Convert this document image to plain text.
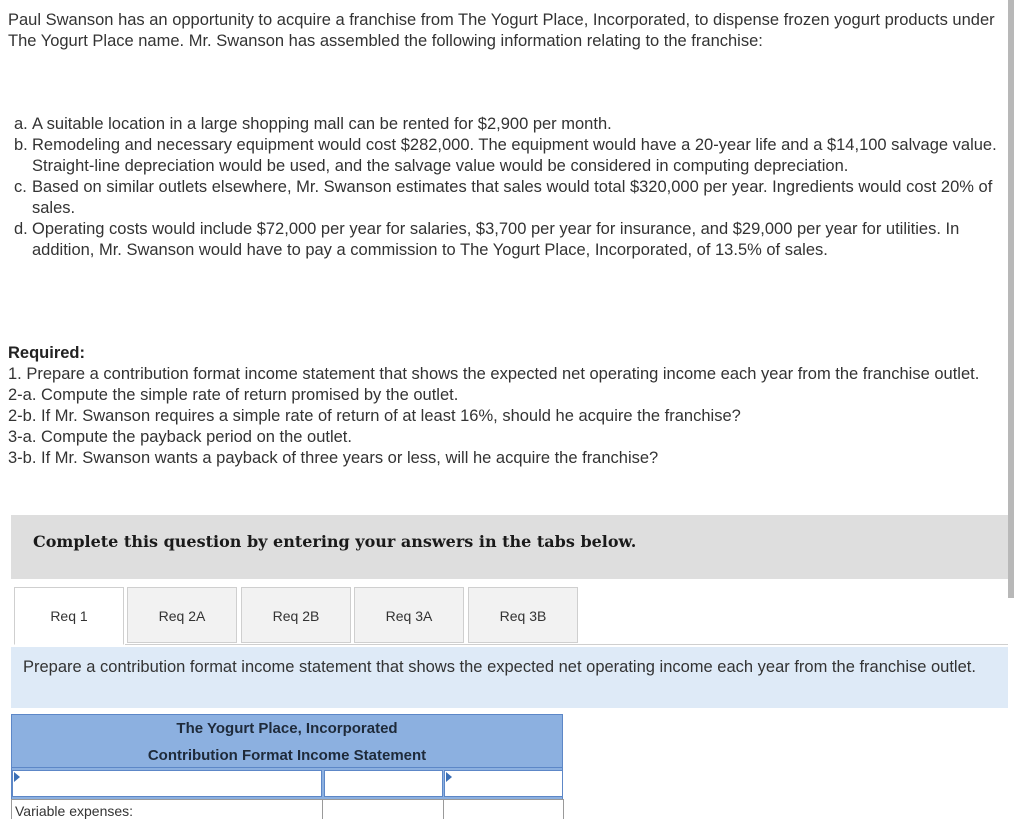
Paul Swanson has an opportunity to acquire a franchise from The Yogurt Place, Incorporated, to dispense frozen yogurt products under The Yogurt Place name. Mr. Swanson has assembled the following information relating to the franchise:

a. A suitable location in a large shopping mall can be rented for $2,900 per month.
b. Remodeling and necessary equipment would cost $282,000. The equipment would have a 20-year life and a $14,100 salvage value. Straight-line depreciation would be used, and the salvage value would be considered in computing depreciation.
c. Based on similar outlets elsewhere, Mr. Swanson estimates that sales would total $320,000 per year. Ingredients would cost 20% of sales.
d. Operating costs would include $72,000 per year for salaries, $3,700 per year for insurance, and $29,000 per year for utilities. In addition, Mr. Swanson would have to pay a commission to The Yogurt Place, Incorporated, of 13.5% of sales.
Required:
1. Prepare a contribution format income statement that shows the expected net operating income each year from the franchise outlet.
2-a. Compute the simple rate of return promised by the outlet.
2-b. If Mr. Swanson requires a simple rate of return of at least 16%, should he acquire the franchise?
3-a. Compute the payback period on the outlet.
3-b. If Mr. Swanson wants a payback of three years or less, will he acquire the franchise?
Complete this question by entering your answers in the tabs below.
Req 1	Req 2A	Req 2B	Req 3A	Req 3B
Prepare a contribution format income statement that shows the expected net operating income each year from the franchise outlet.
The Yogurt Place, Incorporated
Contribution Format Income Statement
Variable expenses:
